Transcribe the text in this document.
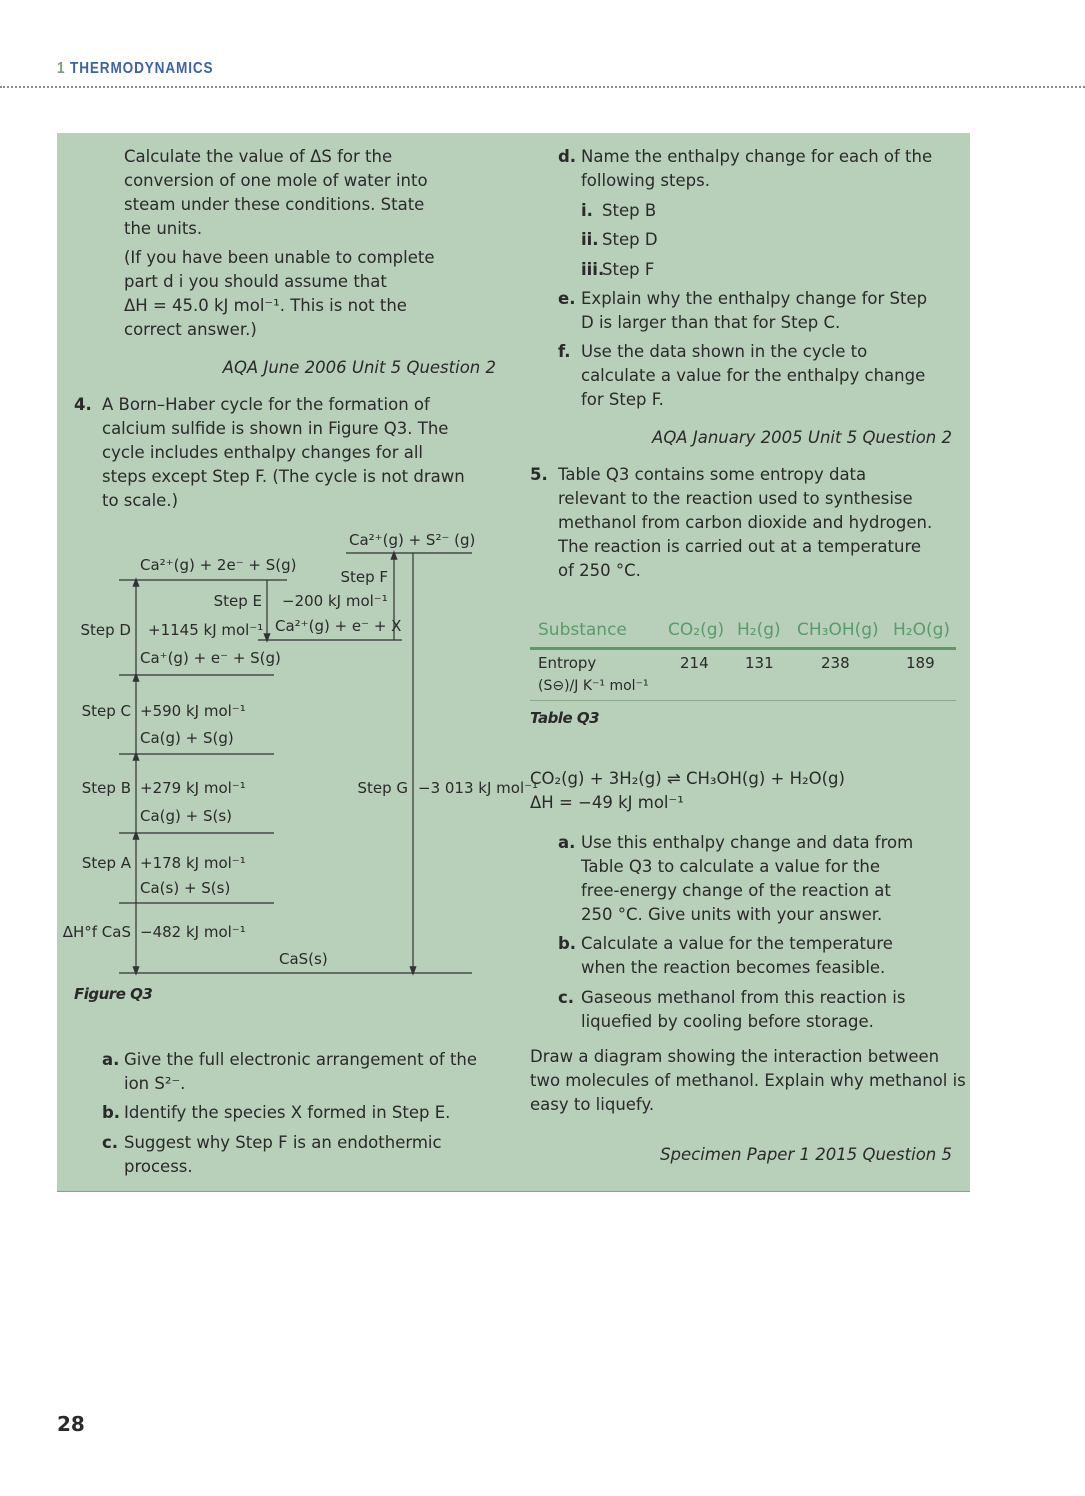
1 THERMODYNAMICS
Calculate the value of ΔS for the
conversion of one mole of water into
steam under these conditions. State
the units.
(If you have been unable to complete
part d i you should assume that
ΔH = 45.0 kJ mol⁻¹. This is not the
correct answer.)
AQA June 2006 Unit 5 Question 2
4. A Born–Haber cycle for the formation of
calcium sulfide is shown in Figure Q3. The
cycle includes enthalpy changes for all
steps except Step F. (The cycle is not drawn
to scale.)
Ca²⁺(g) + S²⁻ (g)
Ca²⁺(g) + 2e⁻ + S(g)
Step F
Step E −200 kJ mol⁻¹
Step D +1145 kJ mol⁻¹ Ca²⁺(g) + e⁻ + X
Ca⁺(g) + e⁻ + S(g)
Step C +590 kJ mol⁻¹
Ca(g) + S(g)
Step B +279 kJ mol⁻¹	Step G −3 013 kJ mol⁻¹
Ca(g) + S(s)
Step A +178 kJ mol⁻¹
Ca(s) + S(s)
ΔH°f CaS −482 kJ mol⁻¹
CaS(s)
Figure Q3
a. Give the full electronic arrangement of the
ion S²⁻.
b. Identify the species X formed in Step E.
c. Suggest why Step F is an endothermic
process.
d. Name the enthalpy change for each of the
following steps.
i. Step B
ii. Step D
iii.
Step F
e. Explain why the enthalpy change for Step
D is larger than that for Step C.
f. Use the data shown in the cycle to
calculate a value for the enthalpy change
for Step F.
AQA January 2005 Unit 5 Question 2
5. Table Q3 contains some entropy data
relevant to the reaction used to synthesise
methanol from carbon dioxide and hydrogen.
The reaction is carried out at a temperature
of 250 °C.
Substance CO₂(g) H₂(g) CH₃OH(g) H₂O(g)
Entropy
(S⊖)/J K⁻¹ mol⁻¹
214 131	238	189
Table Q3
CO₂(g) + 3H₂(g) ⇌ CH₃OH(g) + H₂O(g)
ΔH = −49 kJ mol⁻¹
a. Use this enthalpy change and data from
Table Q3 to calculate a value for the
free-energy change of the reaction at
250 °C. Give units with your answer.
b. Calculate a value for the temperature
when the reaction becomes feasible.
c. Gaseous methanol from this reaction is
liquefied by cooling before storage.
Draw a diagram showing the interaction between
two molecules of methanol. Explain why methanol is
easy to liquefy.
Specimen Paper 1 2015 Question 5
28
